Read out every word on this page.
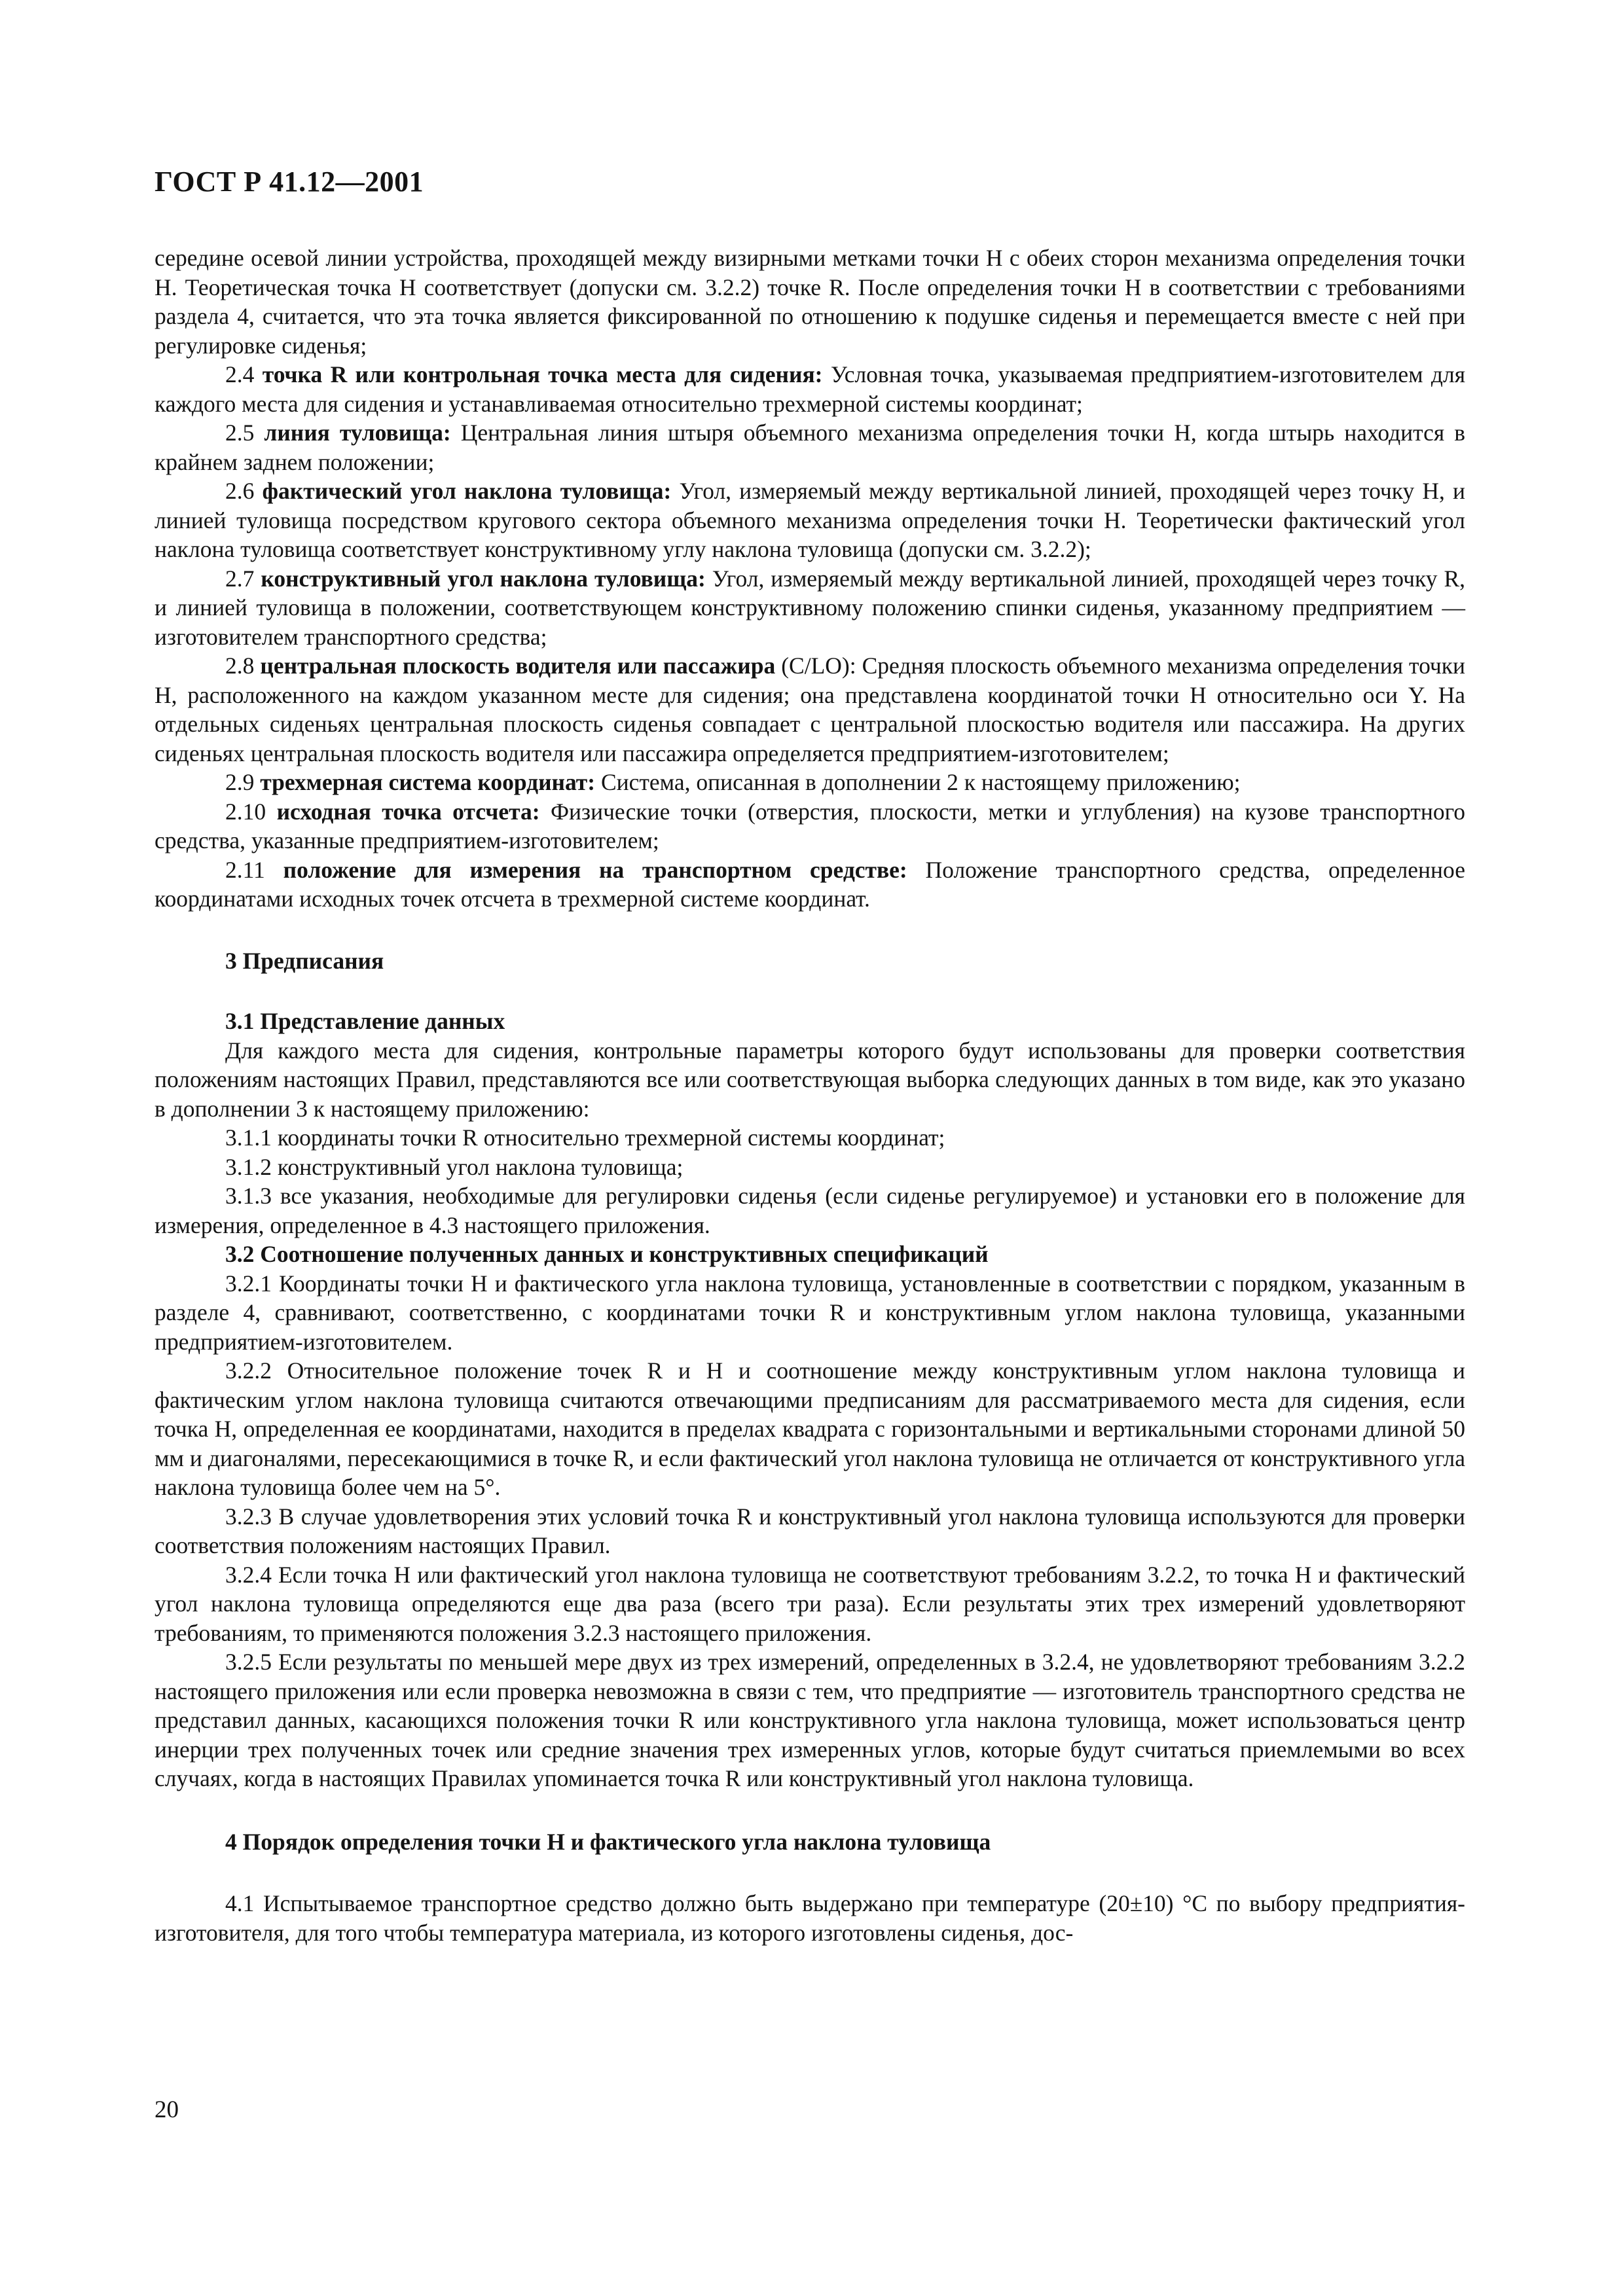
ГОСТ Р 41.12—2001

середине осевой линии устройства, проходящей между визирными метками точки H с обеих сторон механизма определения точки H. Теоретическая точка H соответствует (допуски см. 3.2.2) точке R. После определения точки H в соответствии с требованиями раздела 4, считается, что эта точка является фиксированной по отношению к подушке сиденья и перемещается вместе с ней при регулировке сиденья;

2.4 точка R или контрольная точка места для сидения: Условная точка, указываемая предприятием-изготовителем для каждого места для сидения и устанавливаемая относительно трехмерной системы координат;

2.5 линия туловища: Центральная линия штыря объемного механизма определения точки H, когда штырь находится в крайнем заднем положении;

2.6 фактический угол наклона туловища: Угол, измеряемый между вертикальной линией, проходящей через точку H, и линией туловища посредством кругового сектора объемного механизма определения точки H. Теоретически фактический угол наклона туловища соответствует конструктивному углу наклона туловища (допуски см. 3.2.2);

2.7 конструктивный угол наклона туловища: Угол, измеряемый между вертикальной линией, проходящей через точку R, и линией туловища в положении, соответствующем конструктивному положению спинки сиденья, указанному предприятием — изготовителем транспортного средства;

2.8 центральная плоскость водителя или пассажира (C/LO): Средняя плоскость объемного механизма определения точки H, расположенного на каждом указанном месте для сидения; она представлена координатой точки H относительно оси Y. На отдельных сиденьях центральная плоскость сиденья совпадает с центральной плоскостью водителя или пассажира. На других сиденьях центральная плоскость водителя или пассажира определяется предприятием-изготовителем;

2.9 трехмерная система координат: Система, описанная в дополнении 2 к настоящему приложению;

2.10 исходная точка отсчета: Физические точки (отверстия, плоскости, метки и углубления) на кузове транспортного средства, указанные предприятием-изготовителем;

2.11 положение для измерения на транспортном средстве: Положение транспортного средства, определенное координатами исходных точек отсчета в трехмерной системе координат.

3 Предписания

3.1 Представление данных

Для каждого места для сидения, контрольные параметры которого будут использованы для проверки соответствия положениям настоящих Правил, представляются все или соответствующая выборка следующих данных в том виде, как это указано в дополнении 3 к настоящему приложению:

3.1.1 координаты точки R относительно трехмерной системы координат;

3.1.2 конструктивный угол наклона туловища;

3.1.3 все указания, необходимые для регулировки сиденья (если сиденье регулируемое) и установки его в положение для измерения, определенное в 4.3 настоящего приложения.

3.2 Соотношение полученных данных и конструктивных спецификаций

3.2.1 Координаты точки H и фактического угла наклона туловища, установленные в соответствии с порядком, указанным в разделе 4, сравнивают, соответственно, с координатами точки R и конструктивным углом наклона туловища, указанными предприятием-изготовителем.

3.2.2 Относительное положение точек R и H и соотношение между конструктивным углом наклона туловища и фактическим углом наклона туловища считаются отвечающими предписаниям для рассматриваемого места для сидения, если точка H, определенная ее координатами, находится в пределах квадрата с горизонтальными и вертикальными сторонами длиной 50 мм и диагоналями, пересекающимися в точке R, и если фактический угол наклона туловища не отличается от конструктивного угла наклона туловища более чем на 5°.

3.2.3 В случае удовлетворения этих условий точка R и конструктивный угол наклона туловища используются для проверки соответствия положениям настоящих Правил.

3.2.4 Если точка H или фактический угол наклона туловища не соответствуют требованиям 3.2.2, то точка H и фактический угол наклона туловища определяются еще два раза (всего три раза). Если результаты этих трех измерений удовлетворяют требованиям, то применяются положения 3.2.3 настоящего приложения.

3.2.5 Если результаты по меньшей мере двух из трех измерений, определенных в 3.2.4, не удовлетворяют требованиям 3.2.2 настоящего приложения или если проверка невозможна в связи с тем, что предприятие — изготовитель транспортного средства не представил данных, касающихся положения точки R или конструктивного угла наклона туловища, может использоваться центр инерции трех полученных точек или средние значения трех измеренных углов, которые будут считаться приемлемыми во всех случаях, когда в настоящих Правилах упоминается точка R или конструктивный угол наклона туловища.

4 Порядок определения точки H и фактического угла наклона туловища

4.1 Испытываемое транспортное средство должно быть выдержано при температуре (20±10) °C по выбору предприятия-изготовителя, для того чтобы температура материала, из которого изготовлены сиденья, дос-

20
